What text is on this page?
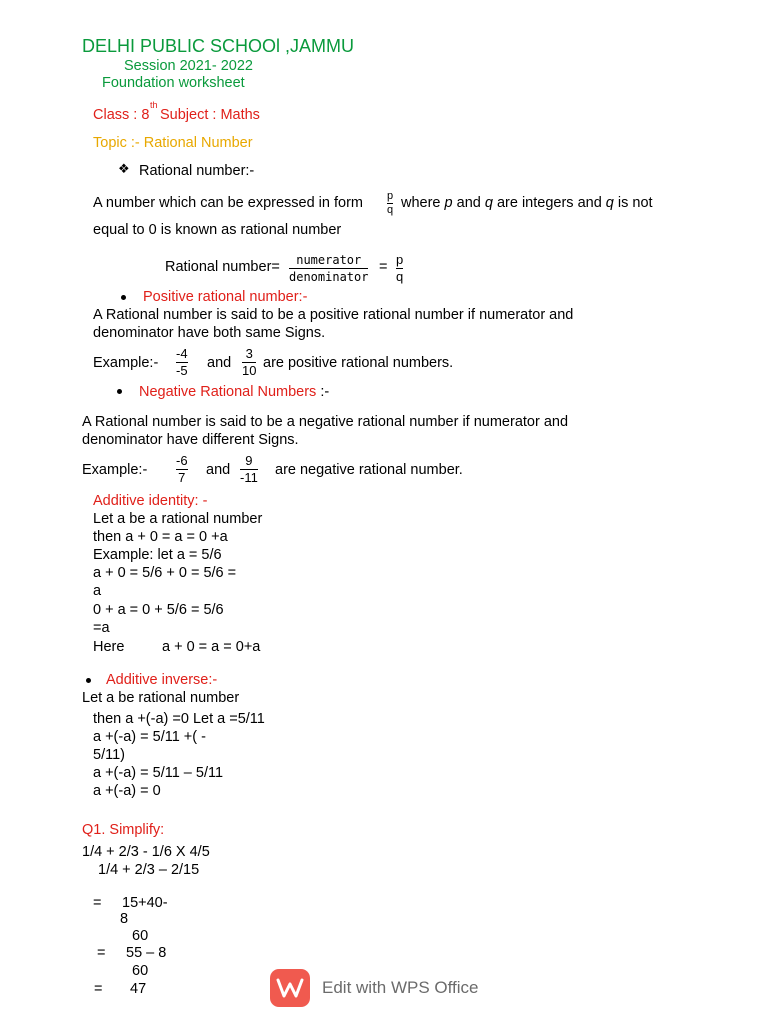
DELHI PUBLIC SCHOOl ,JAMMU
Session 2021- 2022
Foundation worksheet
Class : 8
th
Subject : Maths
Topic :- Rational Number
❖ Rational number:-
A number which can be expressed in form p
q where p and q are integers and q is not
equal to 0 is known as rational number
Rational number= numerator
denominator
= p
q
Positive rational number:-
A Rational number is said to be a positive rational number if numerator and
denominator have both same Signs.
Example:-
-4
-5 and
3
10 are positive rational numbers.
Negative Rational Numbers :-
A Rational number is said to be a negative rational number if numerator and
denominator have different Signs.
Example:-
-6
7 and
9
-11 are negative rational number.
Additive identity: -
Let a be a rational number
then a + 0 = a = 0 +a
Example: let a = 5/6
a + 0 = 5/6 + 0 = 5/6 =
a
0 + a = 0 + 5/6 = 5/6
=a
Here	a + 0 = a = 0+a
Additive inverse:-
Let a be rational number
then a +(-a) =0 Let a =5/11
a +(-a) = 5/11 +( -
5/11)
a +(-a) = 5/11 – 5/11
a +(-a) = 0
Q1. Simplify:
1/4 + 2/3 - 1/6 X 4/5
1/4 + 2/3 – 2/15
= 15+40-
8
60
= 55 – 8
60
= 47	Edit with WPS Office
